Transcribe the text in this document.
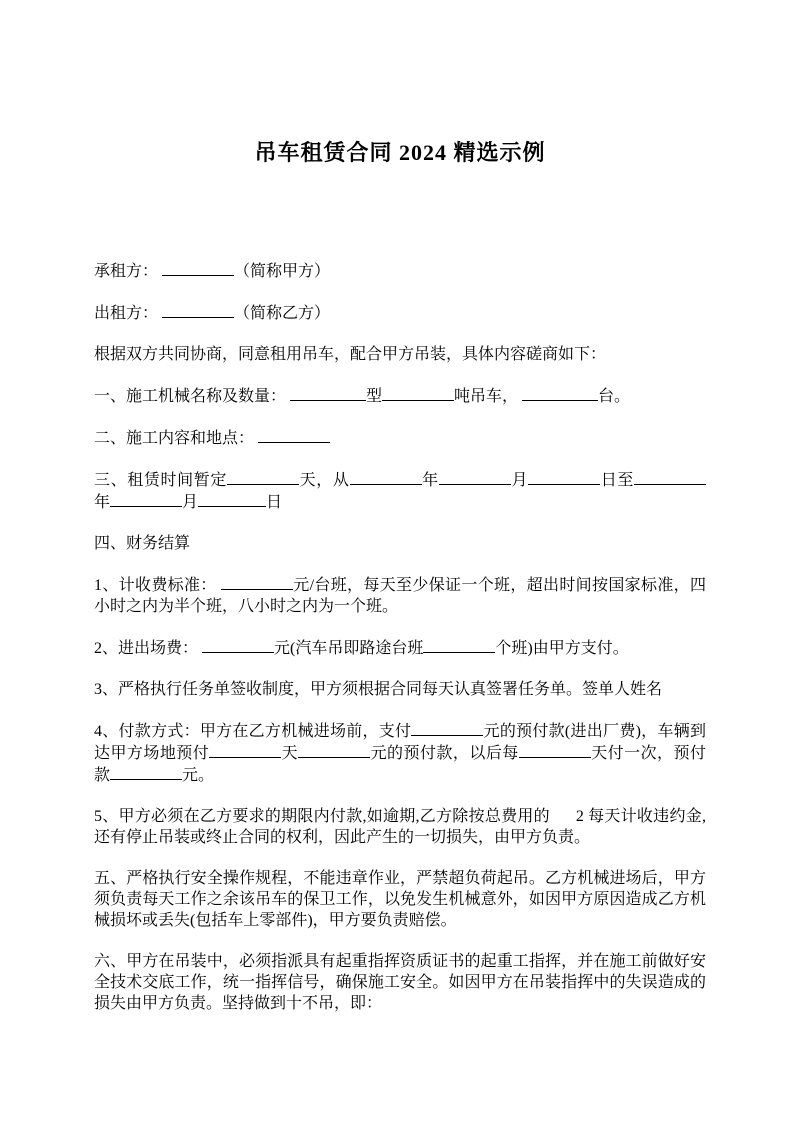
吊车租赁合同 2024 精选示例

承租方：	（简称甲方）

出租方：	（简称乙方）

根据双方共同协商，同意租用吊车，配合甲方吊装，具体内容磋商如下：

一、施工机械名称及数量：	型	吨吊车，	台。

二、施工内容和地点：

三、租赁时间暂定	天，从	年	月	日至年	月	日

四、财务结算

1、计收费标准：	元/台班，每天至少保证一个班，超出时间按国家标准，四小时之内为半个班，八小时之内为一个班。

2、进出场费：	元(汽车吊即路途台班	个班)由甲方支付。

3、严格执行任务单签收制度，甲方须根据合同每天认真签署任务单。签单人姓名

4、付款方式：甲方在乙方机械进场前，支付	元的预付款(进出厂费)，车辆到达甲方场地预付	天	元的预付款，以后每	天付一次，预付款	元。

5、甲方必须在乙方要求的期限内付款,如逾期,乙方除按总费用的 2 每天计收违约金,还有停止吊装或终止合同的权利，因此产生的一切损失，由甲方负责。

五、严格执行安全操作规程，不能违章作业，严禁超负荷起吊。乙方机械进场后，甲方须负责每天工作之余该吊车的保卫工作，以免发生机械意外，如因甲方原因造成乙方机械损坏或丢失(包括车上零部件)，甲方要负责赔偿。

六、甲方在吊装中，必须指派具有起重指挥资质证书的起重工指挥，并在施工前做好安全技术交底工作，统一指挥信号，确保施工安全。如因甲方在吊装指挥中的失误造成的损失由甲方负责。坚持做到十不吊，即：
